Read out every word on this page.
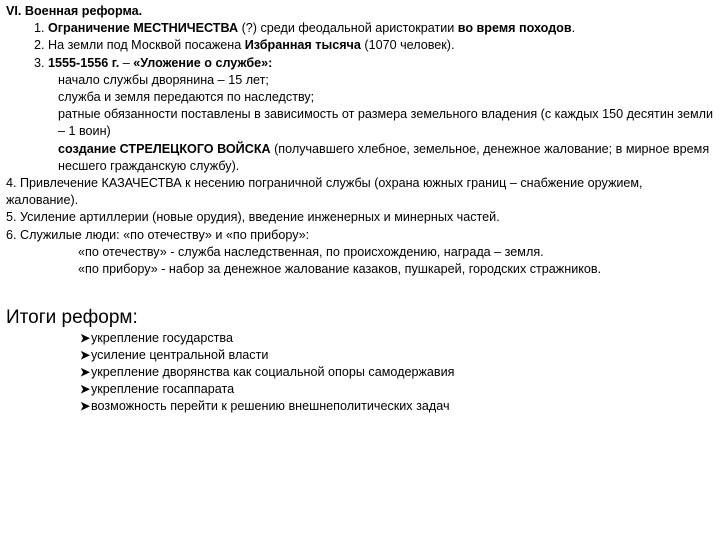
VI. Военная реформа.
1. Ограничение МЕСТНИЧЕСТВА (?) среди феодальной аристократии во время походов.
2. На земли под Москвой посажена Избранная тысяча (1070 человек).
3. 1555-1556 г. – «Уложение о службе»:
начало службы дворянина – 15 лет;
служба и земля передаются по наследству;
ратные обязанности поставлены в зависимость от размера земельного владения (с каждых 150 десятин земли – 1 воин)
создание СТРЕЛЕЦКОГО ВОЙСКА (получавшего хлебное, земельное, денежное жалование; в мирное время несшего гражданскую службу).
4. Привлечение КАЗАЧЕСТВА к несению пограничной службы (охрана южных границ – снабжение оружием, жалование).
5. Усиление артиллерии (новые орудия), введение инженерных и минерных частей.
6. Служилые люди: «по отечеству» и «по прибору»:
«по отечеству» - служба наследственная, по происхождению, награда – земля.
«по прибору» - набор за денежное жалование казаков, пушкарей, городских стражников.
Итоги реформ:
➤ укрепление государства
➤ усиление центральной власти
➤ укрепление дворянства как социальной опоры самодержавия
➤ укрепление госаппарата
➤ возможность перейти к решению внешнеполитических задач
